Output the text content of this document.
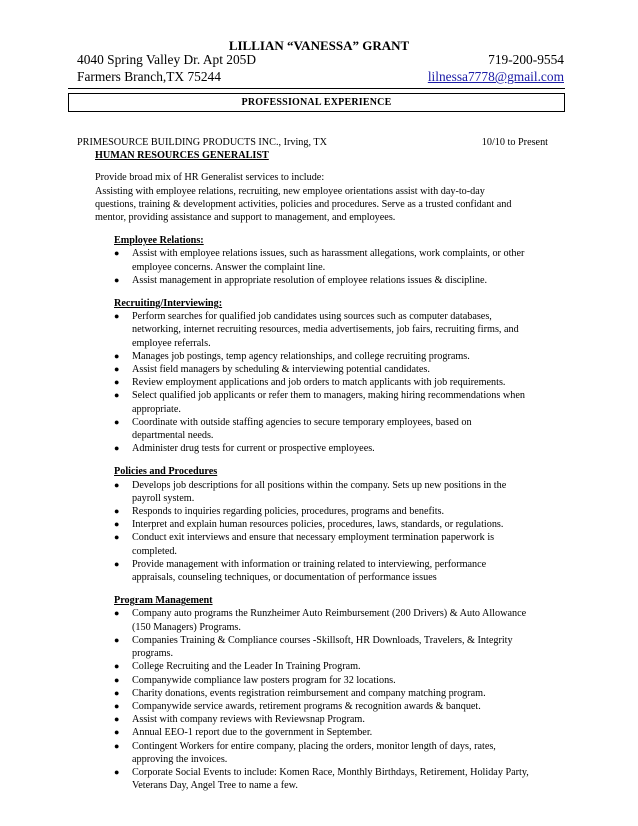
LILLIAN “VANESSA” GRANT
4040 Spring Valley Dr. Apt 205D	719-200-9554
Farmers Branch,TX 75244	lilnessa7778@gmail.com
PROFESSIONAL EXPERIENCE
PRIMESOURCE BUILDING PRODUCTS INC., Irving, TX	10/10 to Present
HUMAN RESOURCES GENERALIST
Provide broad mix of HR Generalist services to include:
Assisting with employee relations, recruiting, new employee orientations assist with day-to-day
questions, training & development activities, policies and procedures. Serve as a trusted confidant and
mentor, providing assistance and support to management, and employees.
Employee Relations:
● Assist with employee relations issues, such as harassment allegations, work complaints, or other
employee concerns. Answer the complaint line.
● Assist management in appropriate resolution of employee relations issues & discipline.
Recruiting/Interviewing:
● Perform searches for qualified job candidates using sources such as computer databases,
networking, internet recruiting resources, media advertisements, job fairs, recruiting firms, and
employee referrals.
● Manages job postings, temp agency relationships, and college recruiting programs.
● Assist field managers by scheduling & interviewing potential candidates.
● Review employment applications and job orders to match applicants with job requirements.
● Select qualified job applicants or refer them to managers, making hiring recommendations when
appropriate.
● Coordinate with outside staffing agencies to secure temporary employees, based on
departmental needs.
● Administer drug tests for current or prospective employees.
Policies and Procedures
● Develops job descriptions for all positions within the company. Sets up new positions in the
payroll system.
● Responds to inquiries regarding policies, procedures, programs and benefits.
● Interpret and explain human resources policies, procedures, laws, standards, or regulations.
● Conduct exit interviews and ensure that necessary employment termination paperwork is
completed.
● Provide management with information or training related to interviewing, performance
appraisals, counseling techniques, or documentation of performance issues
Program Management
● Company auto programs the Runzheimer Auto Reimbursement (200 Drivers) & Auto Allowance
(150 Managers) Programs.
● Companies Training & Compliance courses -Skillsoft, HR Downloads, Travelers, & Integrity
programs.
● College Recruiting and the Leader In Training Program.
● Companywide compliance law posters program for 32 locations.
● Charity donations, events registration reimbursement and company matching program.
● Companywide service awards, retirement programs & recognition awards & banquet.
● Assist with company reviews with Reviewsnap Program.
● Annual EEO-1 report due to the government in September.
● Contingent Workers for entire company, placing the orders, monitor length of days, rates,
approving the invoices.
● Corporate Social Events to include: Komen Race, Monthly Birthdays, Retirement, Holiday Party,
Veterans Day, Angel Tree to name a few.
